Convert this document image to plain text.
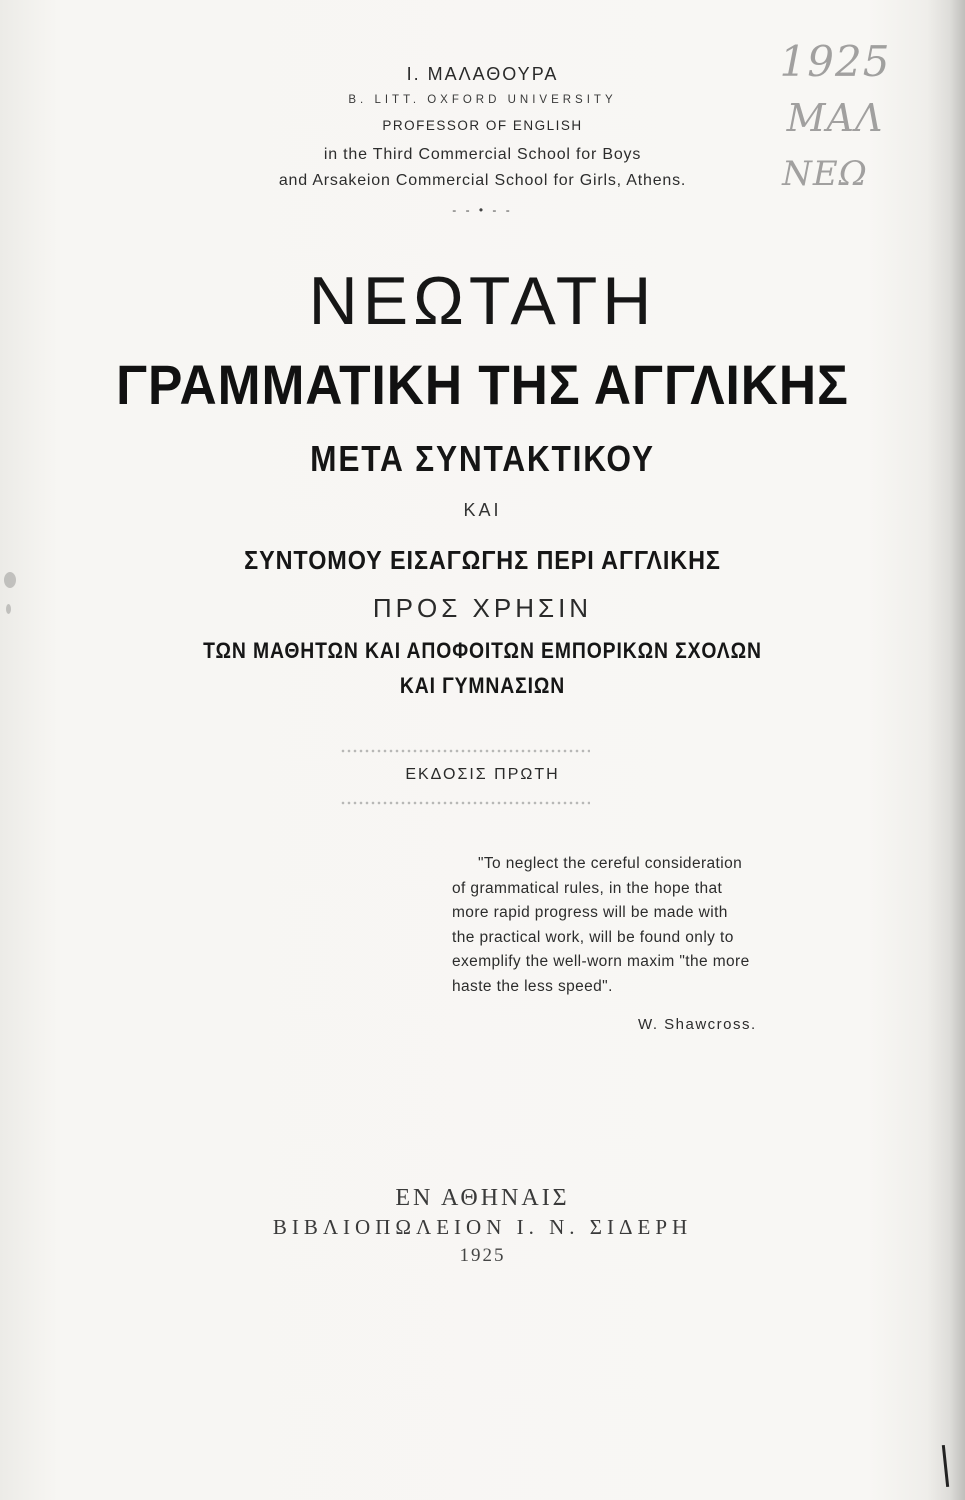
1925
ΜΑΛ
ΝΕΩ
I. ΜΑΛΑΘΟΥΡΑ
B. LITT. OXFORD UNIVERSITY
PROFESSOR OF ENGLISH
in the Third Commercial School for Boys
and Arsakeion Commercial School for Girls, Athens.
- - • - -
ΝΕΩΤΑΤΗ
ΓΡΑΜΜΑΤΙΚΗ ΤΗΣ ΑΓΓΛΙΚΗΣ
ΜΕΤΑ ΣΥΝΤΑΚΤΙΚΟΥ
ΚΑΙ
ΣΥΝΤΟΜΟΥ ΕΙΣΑΓΩΓΗΣ ΠΕΡΙ ΑΓΓΛΙΚΗΣ
ΠΡΟΣ ΧΡΗΣΙΝ
ΤΩΝ ΜΑΘΗΤΩΝ ΚΑΙ ΑΠΟΦΟΙΤΩΝ ΕΜΠΟΡΙΚΩΝ ΣΧΟΛΩΝ
ΚΑΙ ΓΥΜΝΑΣΙΩΝ
ΕΚΔΟΣΙΣ ΠΡΩΤΗ
"To neglect the cereful consideration
of grammatical rules, in the hope that
more rapid progress will be made with
the practical work, will be found only to
exemplify the well-worn maxim "the more
haste the less speed".
W. Shawcross.
ΕΝ ΑΘΗΝΑΙΣ
ΒΙΒΛΙΟΠΩΛΕΙΟΝ Ι. Ν. ΣΙΔΕΡΗ
1925
